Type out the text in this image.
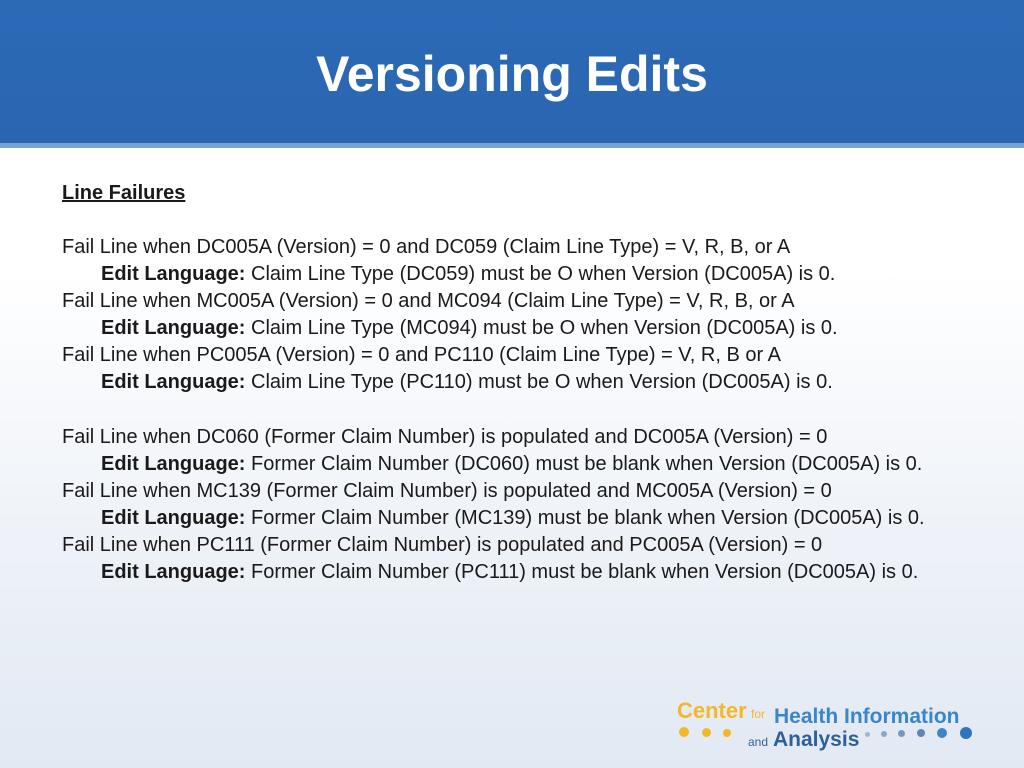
Versioning Edits
Line Failures
Fail Line when DC005A (Version) = 0 and DC059 (Claim Line Type) = V, R, B, or A
Edit Language: Claim Line Type (DC059) must be O when Version (DC005A) is 0.
Fail Line when MC005A (Version) = 0 and MC094 (Claim Line Type) = V, R, B, or A
Edit Language: Claim Line Type (MC094) must be O when Version (DC005A) is 0.
Fail Line when PC005A (Version) = 0 and PC110 (Claim Line Type) = V, R, B or A
Edit Language: Claim Line Type (PC110) must be O when Version (DC005A) is 0.
Fail Line when DC060 (Former Claim Number) is populated and DC005A (Version) = 0
Edit Language: Former Claim Number (DC060) must be blank when Version (DC005A) is 0.
Fail Line when MC139 (Former Claim Number) is populated and MC005A (Version) = 0
Edit Language: Former Claim Number (MC139) must be blank when Version (DC005A) is 0.
Fail Line when PC111 (Former Claim Number) is populated and PC005A (Version) = 0
Edit Language: Former Claim Number (PC111) must be blank when Version (DC005A) is 0.
Center for Health Information
and Analysis
